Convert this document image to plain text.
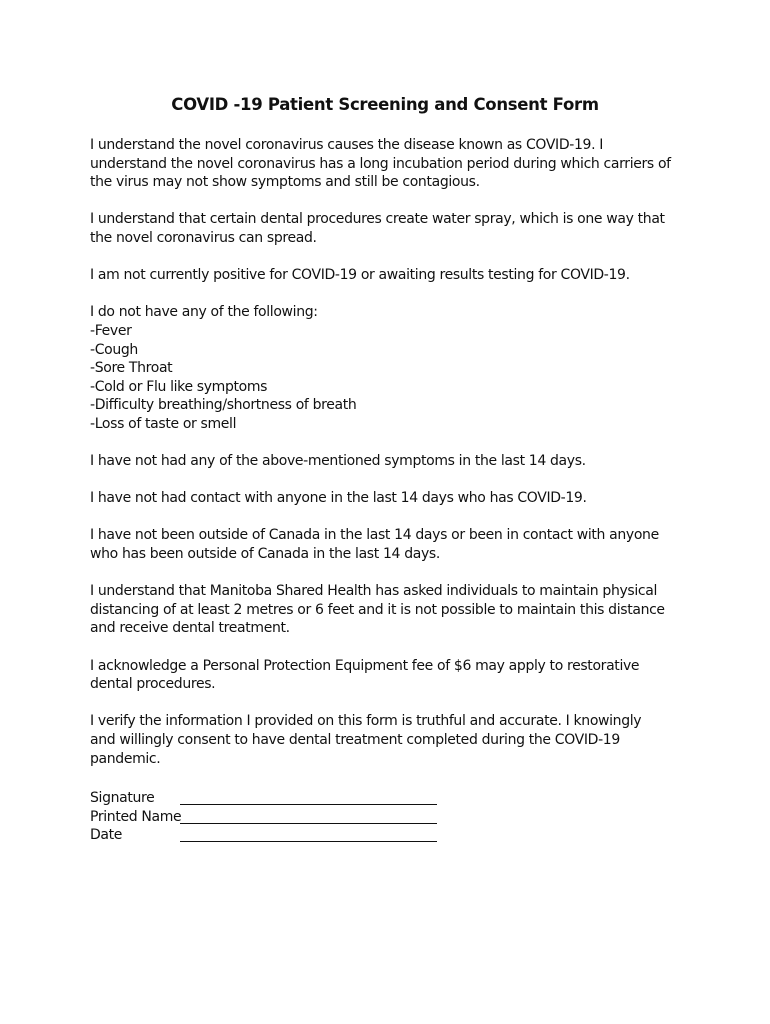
COVID -19 Patient Screening and Consent Form

I understand the novel coronavirus causes the disease known as COVID-19. I
understand the novel coronavirus has a long incubation period during which carriers of
the virus may not show symptoms and still be contagious.

I understand that certain dental procedures create water spray, which is one way that
the novel coronavirus can spread.

I am not currently positive for COVID-19 or awaiting results testing for COVID-19.

I do not have any of the following:
-Fever
-Cough
-Sore Throat
-Cold or Flu like symptoms
-Difficulty breathing/shortness of breath
-Loss of taste or smell

I have not had any of the above-mentioned symptoms in the last 14 days.

I have not had contact with anyone in the last 14 days who has COVID-19.

I have not been outside of Canada in the last 14 days or been in contact with anyone
who has been outside of Canada in the last 14 days.

I understand that Manitoba Shared Health has asked individuals to maintain physical
distancing of at least 2 metres or 6 feet and it is not possible to maintain this distance
and receive dental treatment.

I acknowledge a Personal Protection Equipment fee of $6 may apply to restorative
dental procedures.

I verify the information I provided on this form is truthful and accurate. I knowingly
and willingly consent to have dental treatment completed during the COVID-19
pandemic.

Signature
Printed Name
Date
